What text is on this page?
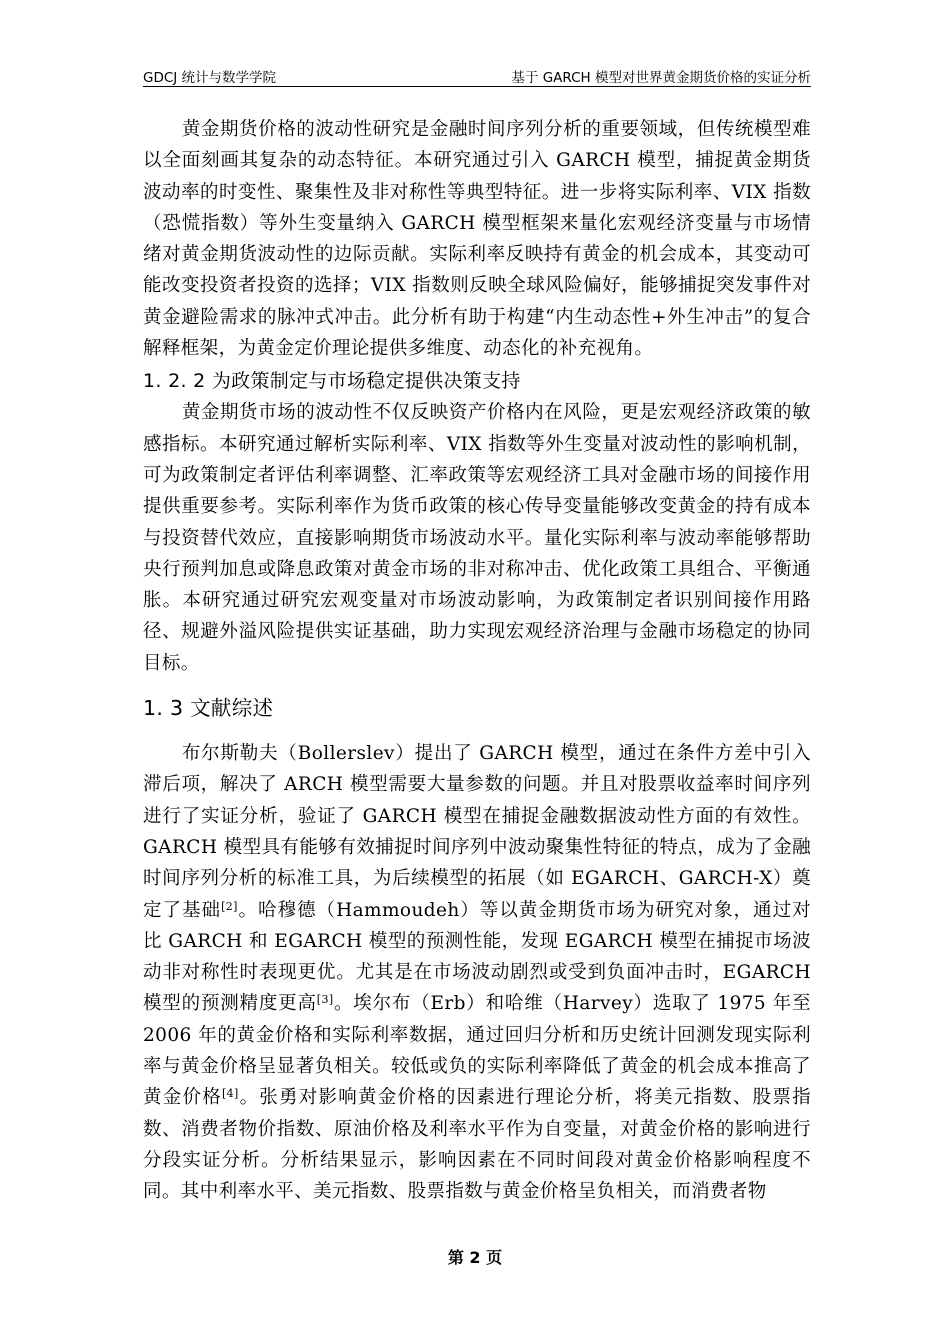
GDCJ 统计与数学学院	基于 GARCH 模型对世界黄金期货价格的实证分析

黄金期货价格的波动性研究是金融时间序列分析的重要领域，但传统模型难以全面刻画其复杂的动态特征。本研究通过引入 GARCH 模型，捕捉黄金期货波动率的时变性、聚集性及非对称性等典型特征。进一步将实际利率、VIX 指数（恐慌指数）等外生变量纳入 GARCH 模型框架来量化宏观经济变量与市场情绪对黄金期货波动性的边际贡献。实际利率反映持有黄金的机会成本，其变动可能改变投资者投资的选择；VIX 指数则反映全球风险偏好，能够捕捉突发事件对黄金避险需求的脉冲式冲击。此分析有助于构建“内生动态性+外生冲击”的复合解释框架，为黄金定价理论提供多维度、动态化的补充视角。

1. 2. 2 为政策制定与市场稳定提供决策支持

黄金期货市场的波动性不仅反映资产价格内在风险，更是宏观经济政策的敏感指标。本研究通过解析实际利率、VIX 指数等外生变量对波动性的影响机制，可为政策制定者评估利率调整、汇率政策等宏观经济工具对金融市场的间接作用提供重要参考。实际利率作为货币政策的核心传导变量能够改变黄金的持有成本与投资替代效应，直接影响期货市场波动水平。量化实际利率与波动率能够帮助央行预判加息或降息政策对黄金市场的非对称冲击、优化政策工具组合、平衡通胀。本研究通过研究宏观变量对市场波动影响，为政策制定者识别间接作用路径、规避外溢风险提供实证基础，助力实现宏观经济治理与金融市场稳定的协同目标。

1. 3 文献综述

布尔斯勒夫（Bollerslev）提出了 GARCH 模型，通过在条件方差中引入滞后项，解决了 ARCH 模型需要大量参数的问题。并且对股票收益率时间序列进行了实证分析，验证了 GARCH 模型在捕捉金融数据波动性方面的有效性。GARCH 模型具有能够有效捕捉时间序列中波动聚集性特征的特点，成为了金融时间序列分析的标准工具，为后续模型的拓展（如 EGARCH、GARCH-X）奠定了基础[2]。哈穆德（Hammoudeh）等以黄金期货市场为研究对象，通过对比 GARCH 和 EGARCH 模型的预测性能，发现 EGARCH 模型在捕捉市场波动非对称性时表现更优。尤其是在市场波动剧烈或受到负面冲击时，EGARCH 模型的预测精度更高[3]。埃尔布（Erb）和哈维（Harvey）选取了 1975 年至 2006 年的黄金价格和实际利率数据，通过回归分析和历史统计回测发现实际利率与黄金价格呈显著负相关。较低或负的实际利率降低了黄金的机会成本推高了黄金价格[4]。张勇对影响黄金价格的因素进行理论分析，将美元指数、股票指数、消费者物价指数、原油价格及利率水平作为自变量，对黄金价格的影响进行分段实证分析。分析结果显示，影响因素在不同时间段对黄金价格影响程度不同。其中利率水平、美元指数、股票指数与黄金价格呈负相关，而消费者物

第 2 页
